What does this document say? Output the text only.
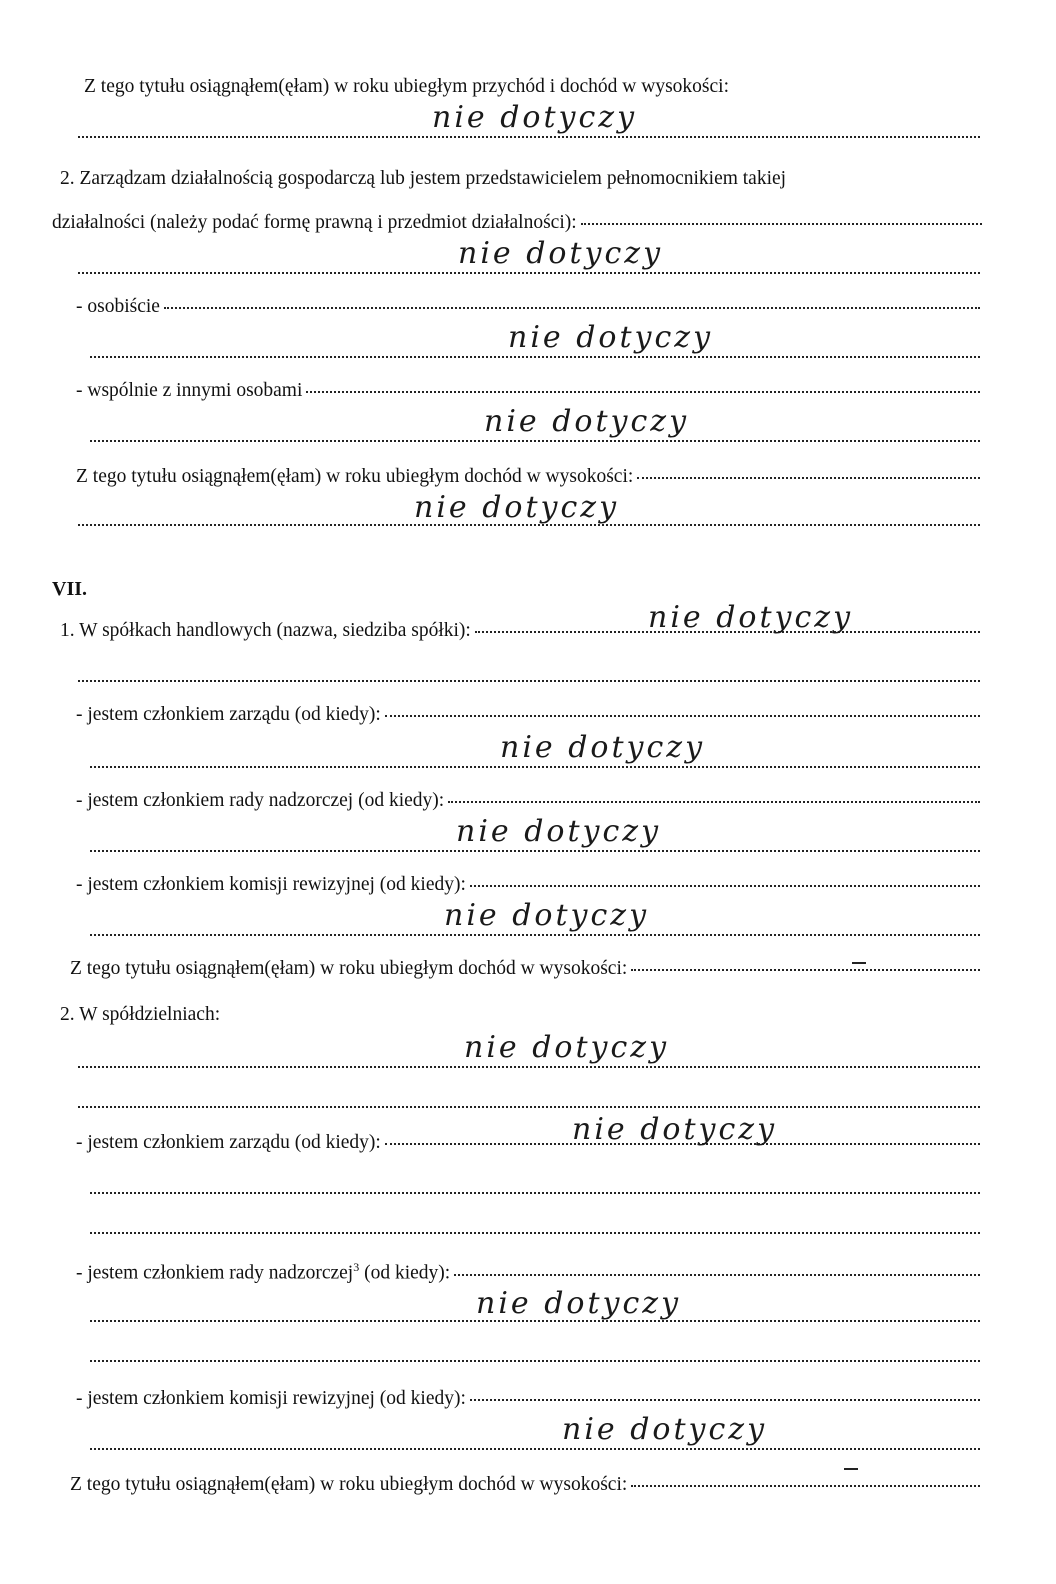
Z tego tytułu osiągnąłem(ęłam) w roku ubiegłym przychód i dochód w wysokości:
nie dotyczy
2. Zarządzam działalnością gospodarczą lub jestem przedstawicielem pełnomocnikiem takiej
działalności (należy podać formę prawną i przedmiot działalności):
nie dotyczy
- osobiście
nie dotyczy
- wspólnie z innymi osobami
nie dotyczy
Z tego tytułu osiągnąłem(ęłam) w roku ubiegłym dochód w wysokości:
nie dotyczy
VII.
1. W spółkach handlowych (nazwa, siedziba spółki):	nie dotyczy
- jestem członkiem zarządu (od kiedy):
nie dotyczy
- jestem członkiem rady nadzorczej (od kiedy):
nie dotyczy
- jestem członkiem komisji rewizyjnej (od kiedy):
nie dotyczy
Z tego tytułu osiągnąłem(ęłam) w roku ubiegłym dochód w wysokości:
2. W spółdzielniach:
nie dotyczy
- jestem członkiem zarządu (od kiedy):	nie dotyczy
- jestem członkiem rady nadzorczej$^3$ (od kiedy):
nie dotyczy
- jestem członkiem komisji rewizyjnej (od kiedy):
nie dotyczy
Z tego tytułu osiągnąłem(ęłam) w roku ubiegłym dochód w wysokości:
